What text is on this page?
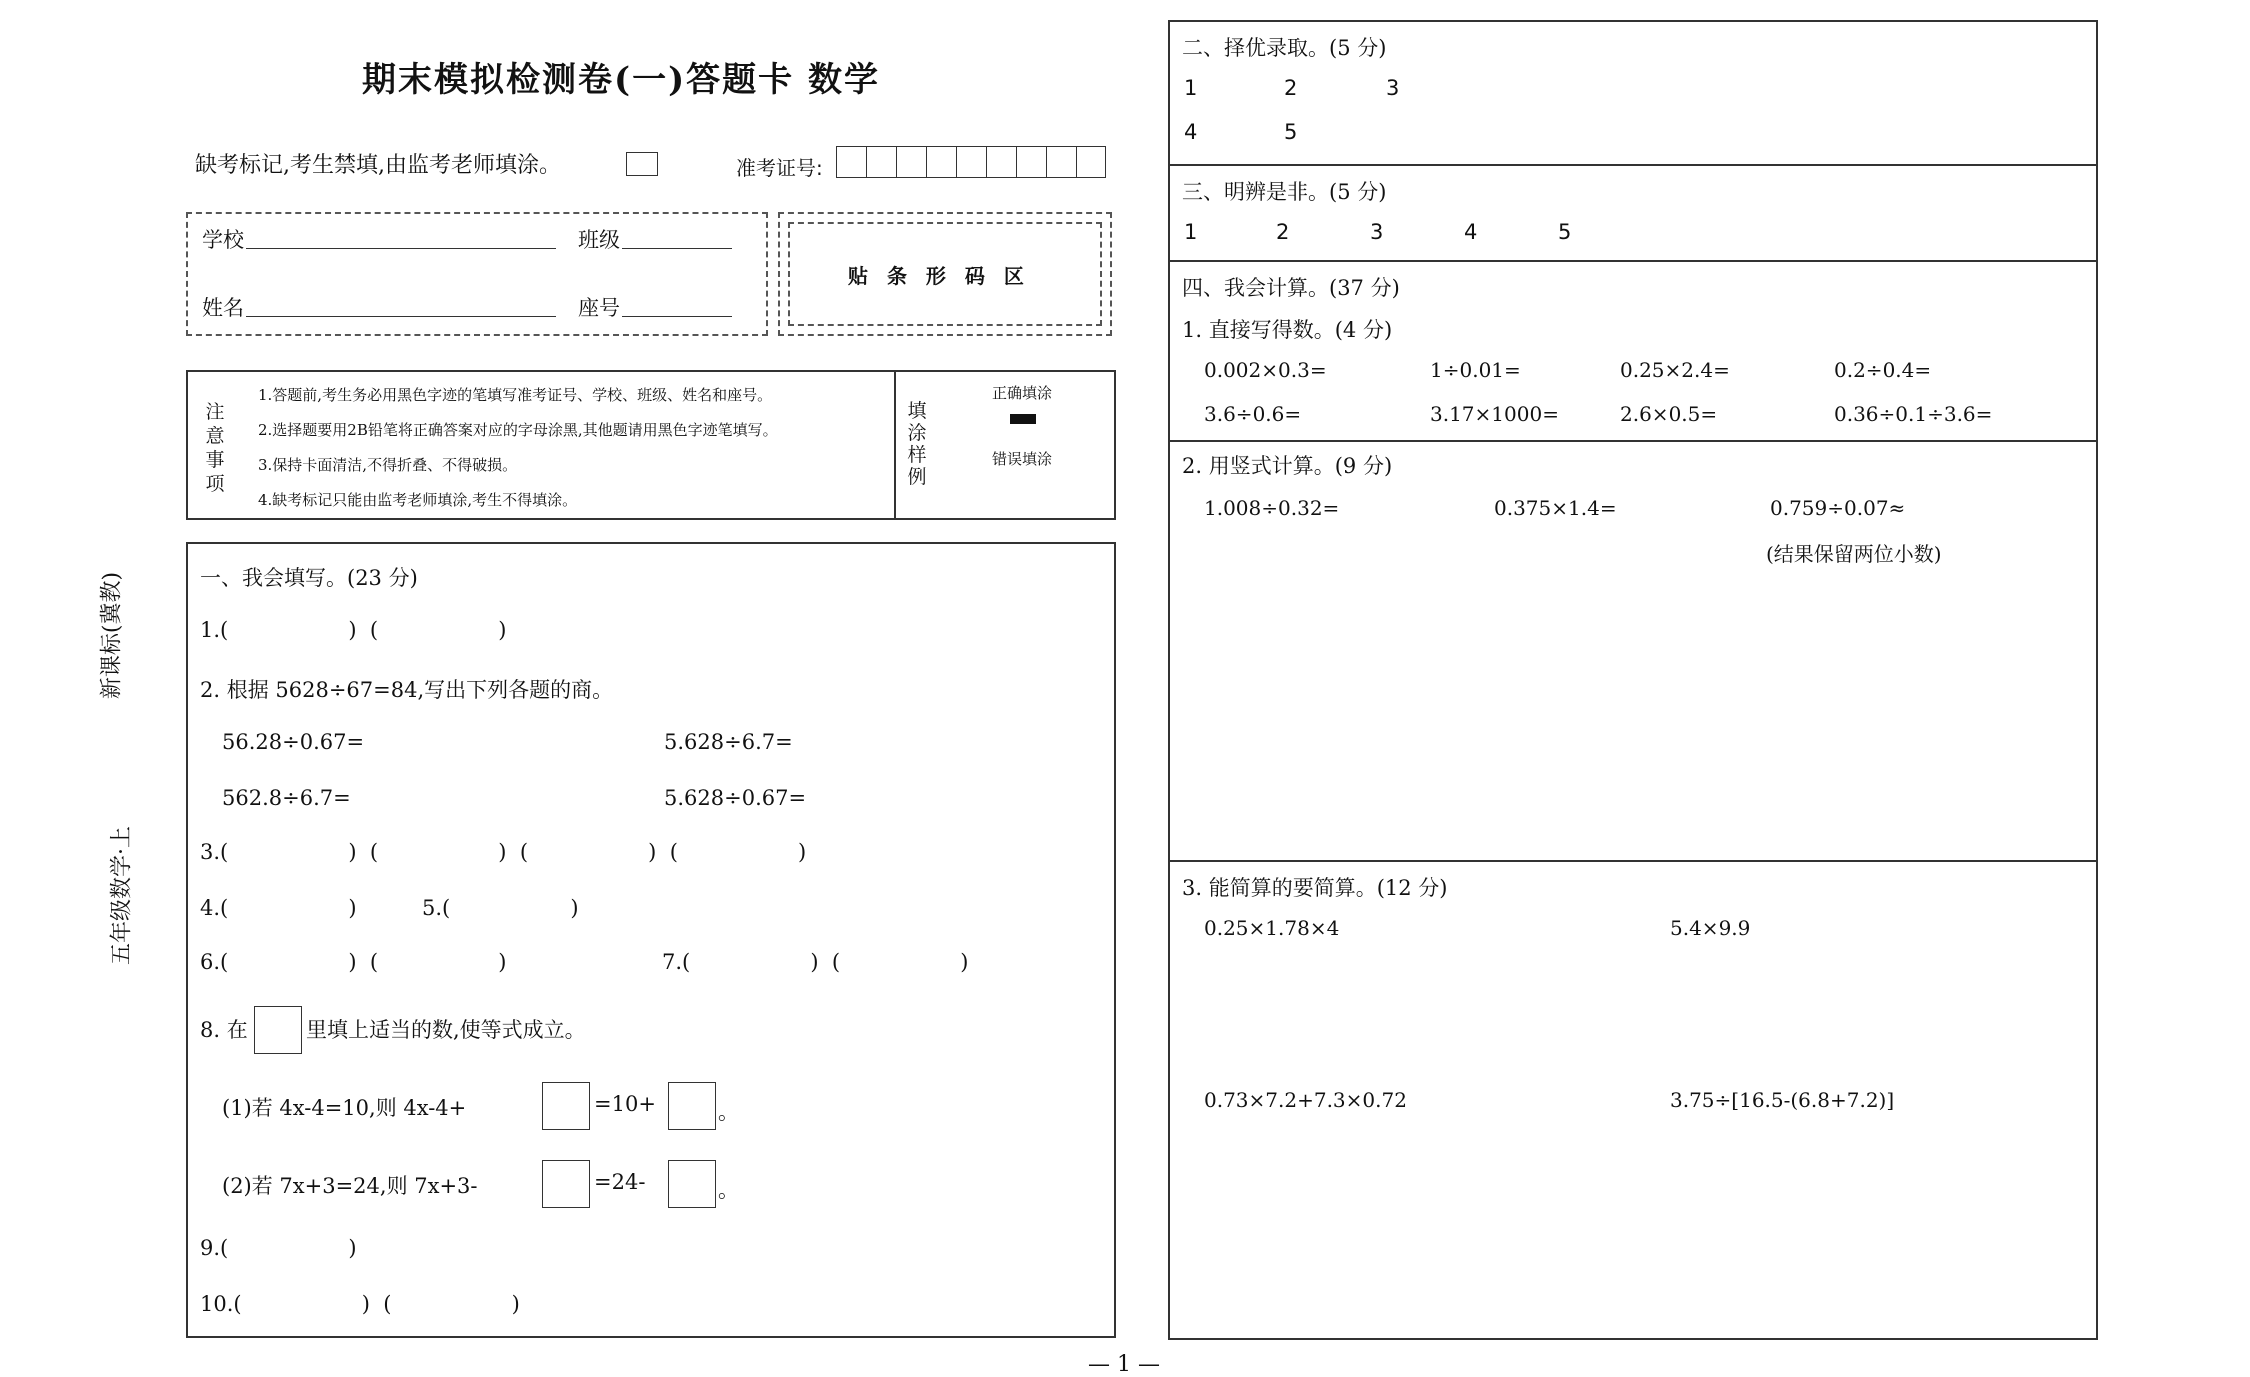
期末模拟检测卷(一)答题卡 数学
缺考标记,考生禁填,由监考老师填涂。	准考证号:
学校	班级
姓名	座号
贴 条 形 码 区
注
意
事
项
1.答题前,考生务必用黑色字迹的笔填写准考证号、学校、班级、姓名和座号。
2.选择题要用2B铅笔将正确答案对应的字母涂黑,其他题请用黑色字迹笔填写。
3.保持卡面清洁,不得折叠、不得破损。
4.缺考标记只能由监考老师填涂,考生不得填涂。
填
涂
样
例
正确填涂
错误填涂
新课标(冀教)
五年级数学·上
一、我会填写。(23 分)
1.(                  )  (                  )
2. 根据 5628÷67=84,写出下列各题的商。
56.28÷0.67=	5.628÷6.7=
562.8÷6.7=	5.628÷0.67=
3.(                  )  (                  )  (                  )  (                  )
4.(                  )	5.(                  )
6.(                  )  (                  )	7.(                  )  (                  )
8. 在	里填上适当的数,使等式成立。
(1)若 4x-4=10,则 4x-4+	=10+	。
(2)若 7x+3=24,则 7x+3-	=24-	。
9.(                  )
10.(                  )  (                  )
二、择优录取。(5 分)
1	2	3
4	5
三、明辨是非。(5 分)
1	2	3	4	5
四、我会计算。(37 分)
1. 直接写得数。(4 分)
0.002×0.3=	1÷0.01=	0.25×2.4=	0.2÷0.4=
3.6÷0.6=	3.17×1000=	2.6×0.5=	0.36÷0.1÷3.6=
2. 用竖式计算。(9 分)
1.008÷0.32=	0.375×1.4=	0.759÷0.07≈
(结果保留两位小数)
3. 能简算的要简算。(12 分)
0.25×1.78×4	5.4×9.9
0.73×7.2+7.3×0.72	3.75÷[16.5-(6.8+7.2)]
— 1 —
